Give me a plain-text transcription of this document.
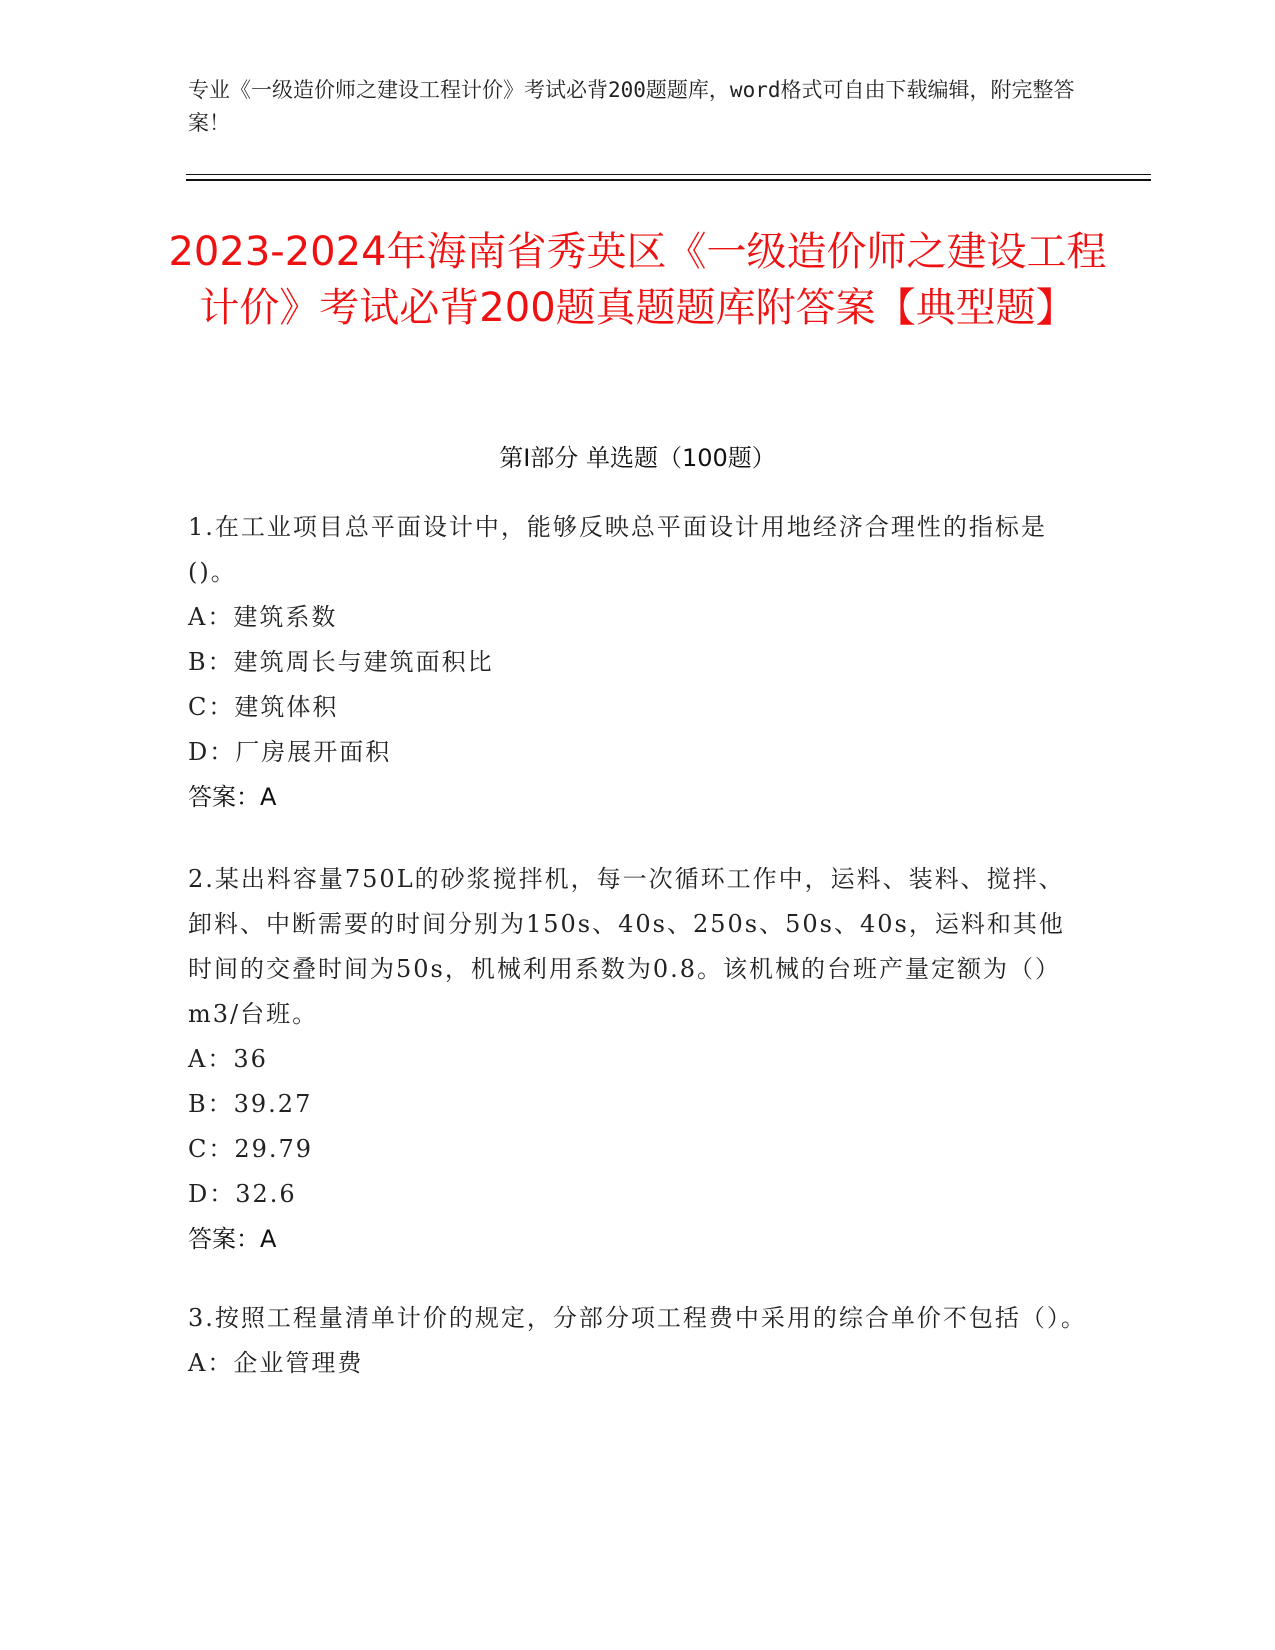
专业《一级造价师之建设工程计价》考试必背200题题库，word格式可自由下载编辑，附完整答案！
2023-2024年海南省秀英区《一级造价师之建设工程计价》考试必背200题真题题库附答案【典型题】
第Ⅰ部分 单选题（100题）

1.在工业项目总平面设计中，能够反映总平面设计用地经济合理性的指标是()。

A：建筑系数

B：建筑周长与建筑面积比

C：建筑体积

D：厂房展开面积

答案：A

2.某出料容量750L的砂浆搅拌机，每一次循环工作中，运料、装料、搅拌、卸料、中断需要的时间分别为150s、40s、250s、50s、40s，运料和其他时间的交叠时间为50s，机械利用系数为0.8。该机械的台班产量定额为（）m3/台班。

A：36

B：39.27

C：29.79

D：32.6

答案：A

3.按照工程量清单计价的规定，分部分项工程费中采用的综合单价不包括（）。

A：企业管理费
